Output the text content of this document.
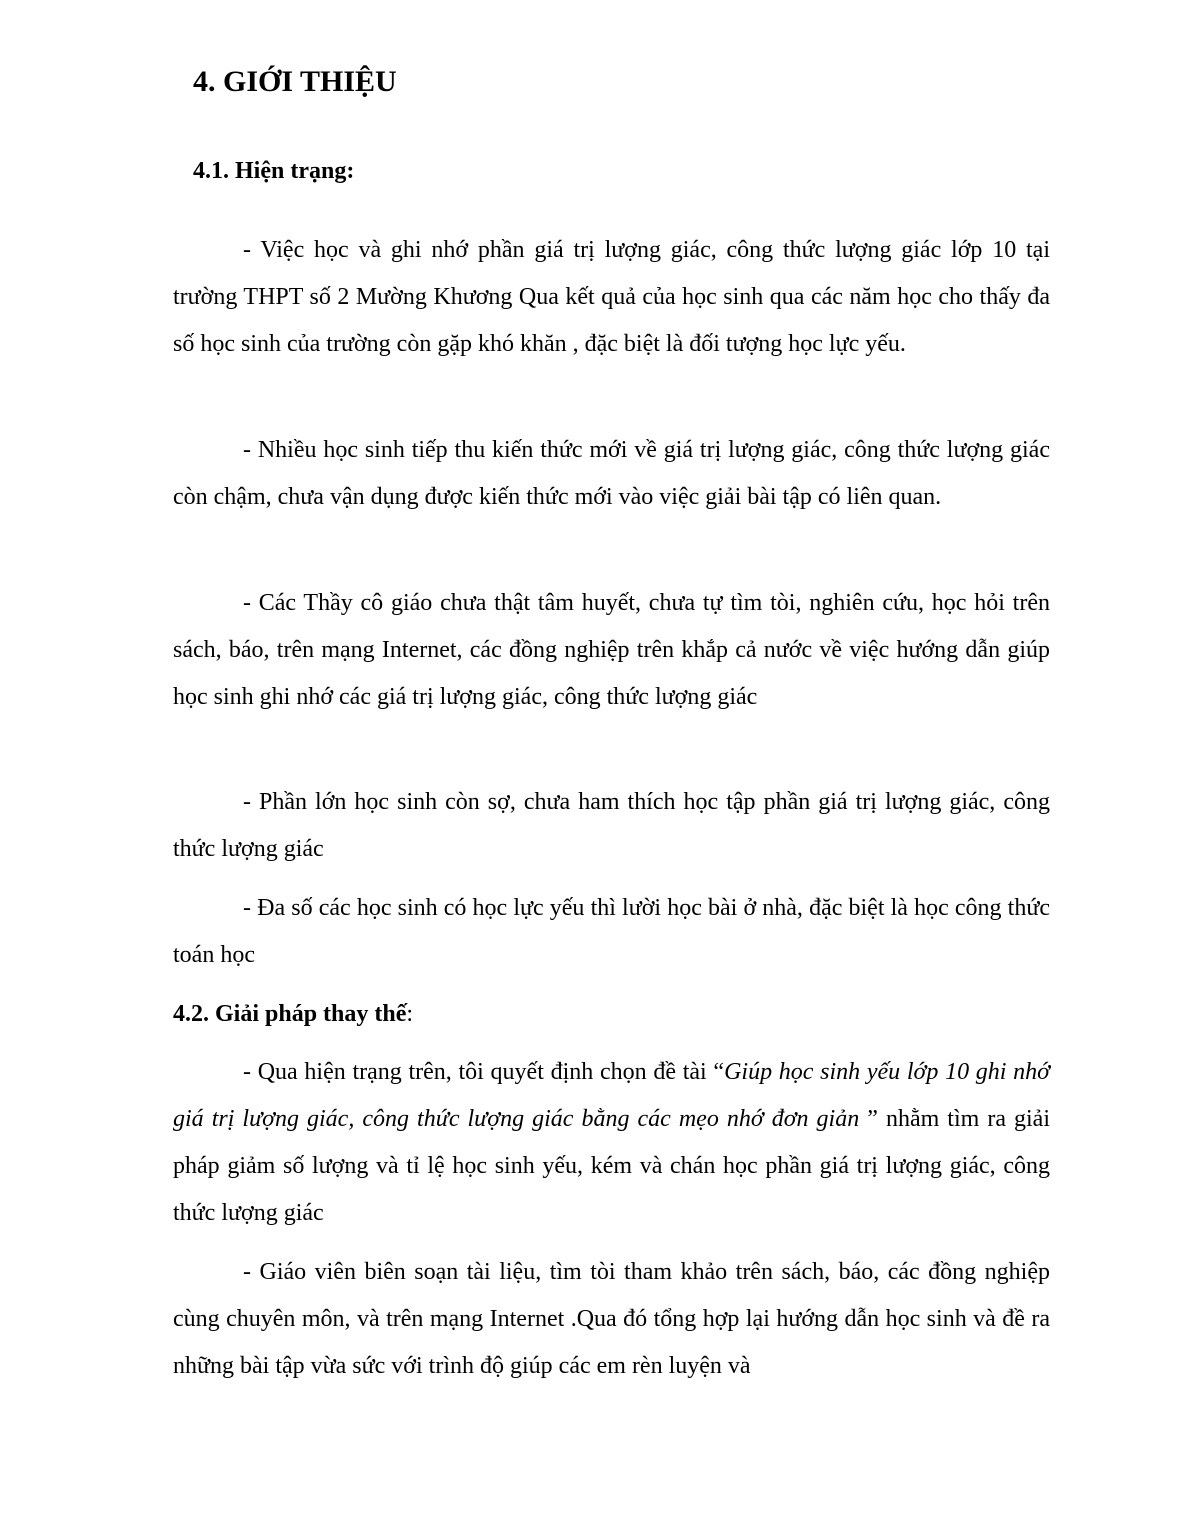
4. GIỚI THIỆU
4.1. Hiện trạng:

- Việc học và ghi nhớ phần giá trị lượng giác, công thức lượng giác lớp 10 tại trường THPT số 2 Mường Khương Qua kết quả của học sinh qua các năm học cho thấy đa số học sinh của trường còn gặp khó khăn , đặc biệt là đối tượng học lực yếu.

- Nhiều học sinh tiếp thu kiến thức mới về giá trị lượng giác, công thức lượng giác còn chậm, chưa vận dụng được kiến thức mới vào việc giải bài tập có liên quan.

- Các Thầy cô giáo chưa thật tâm huyết, chưa tự tìm tòi, nghiên cứu, học hỏi trên sách, báo, trên mạng Internet, các đồng nghiệp trên khắp cả nước về việc hướng dẫn giúp học sinh ghi nhớ các giá trị lượng giác, công thức lượng giác

- Phần lớn học sinh còn sợ, chưa ham thích học tập phần giá trị lượng giác, công thức lượng giác

- Đa số các học sinh có học lực yếu thì lười học bài ở nhà, đặc biệt là học công thức toán học

4.2. Giải pháp thay thế:

- Qua hiện trạng trên, tôi quyết định chọn đề tài “Giúp học sinh yếu lớp 10 ghi nhớ giá trị lượng giác, công thức lượng giác bằng các mẹo nhớ đơn giản ” nhằm tìm ra giải pháp giảm số lượng và tỉ lệ học sinh yếu, kém và chán học phần giá trị lượng giác, công thức lượng giác

- Giáo viên biên soạn tài liệu, tìm tòi tham khảo trên sách, báo, các đồng nghiệp cùng chuyên môn, và trên mạng Internet .Qua đó tổng hợp lại hướng dẫn học sinh và đề ra những bài tập vừa sức với trình độ giúp các em rèn luyện và
